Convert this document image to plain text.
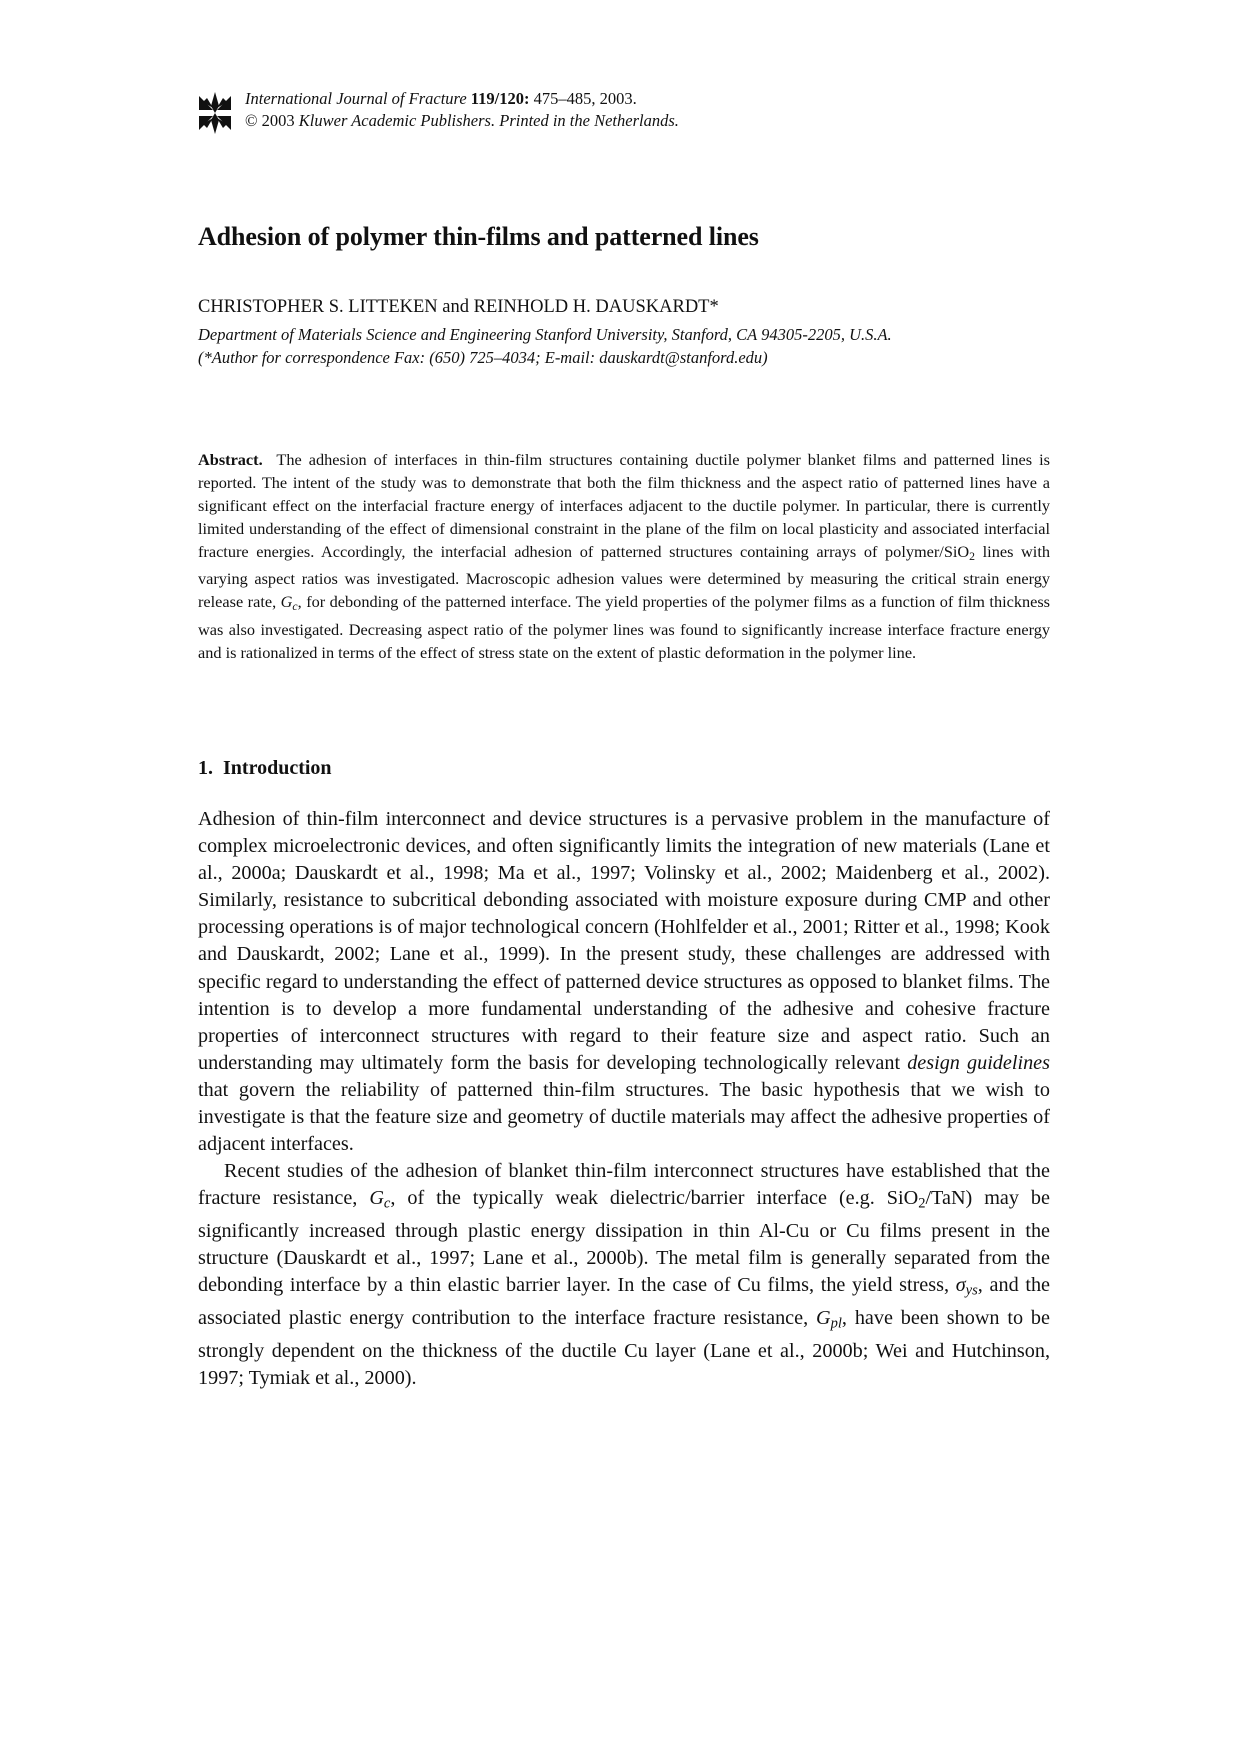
International Journal of Fracture 119/120: 475–485, 2003.
© 2003 Kluwer Academic Publishers. Printed in the Netherlands.
Adhesion of polymer thin-films and patterned lines
CHRISTOPHER S. LITTEKEN and REINHOLD H. DAUSKARDT*
Department of Materials Science and Engineering Stanford University, Stanford, CA 94305-2205, U.S.A.
(*Author for correspondence Fax: (650) 725–4034; E-mail: dauskardt@stanford.edu)
Abstract. The adhesion of interfaces in thin-film structures containing ductile polymer blanket films and patterned lines is reported. The intent of the study was to demonstrate that both the film thickness and the aspect ratio of patterned lines have a significant effect on the interfacial fracture energy of interfaces adjacent to the ductile polymer. In particular, there is currently limited understanding of the effect of dimensional constraint in the plane of the film on local plasticity and associated interfacial fracture energies. Accordingly, the interfacial adhesion of patterned structures containing arrays of polymer/SiO$_2$ lines with varying aspect ratios was investigated. Macroscopic adhesion values were determined by measuring the critical strain energy release rate, $G_c$, for debonding of the patterned interface. The yield properties of the polymer films as a function of film thickness was also investigated. Decreasing aspect ratio of the polymer lines was found to significantly increase interface fracture energy and is rationalized in terms of the effect of stress state on the extent of plastic deformation in the polymer line.
1. Introduction

Adhesion of thin-film interconnect and device structures is a pervasive problem in the manufacture of complex microelectronic devices, and often significantly limits the integration of new materials (Lane et al., 2000a; Dauskardt et al., 1998; Ma et al., 1997; Volinsky et al., 2002; Maidenberg et al., 2002). Similarly, resistance to subcritical debonding associated with moisture exposure during CMP and other processing operations is of major technological concern (Hohlfelder et al., 2001; Ritter et al., 1998; Kook and Dauskardt, 2002; Lane et al., 1999). In the present study, these challenges are addressed with specific regard to understanding the effect of patterned device structures as opposed to blanket films. The intention is to develop a more fundamental understanding of the adhesive and cohesive fracture properties of interconnect structures with regard to their feature size and aspect ratio. Such an understanding may ultimately form the basis for developing technologically relevant design guidelines that govern the reliability of patterned thin-film structures. The basic hypothesis that we wish to investigate is that the feature size and geometry of ductile materials may affect the adhesive properties of adjacent interfaces.

Recent studies of the adhesion of blanket thin-film interconnect structures have established that the fracture resistance, $G_c$, of the typically weak dielectric/barrier interface (e.g. SiO$_2$/TaN) may be significantly increased through plastic energy dissipation in thin Al-Cu or Cu films present in the structure (Dauskardt et al., 1997; Lane et al., 2000b). The metal film is generally separated from the debonding interface by a thin elastic barrier layer. In the case of Cu films, the yield stress, $\sigma_{ys}$, and the associated plastic energy contribution to the interface fracture resistance, $G_{pl}$, have been shown to be strongly dependent on the thickness of the ductile Cu layer (Lane et al., 2000b; Wei and Hutchinson, 1997; Tymiak et al., 2000).
